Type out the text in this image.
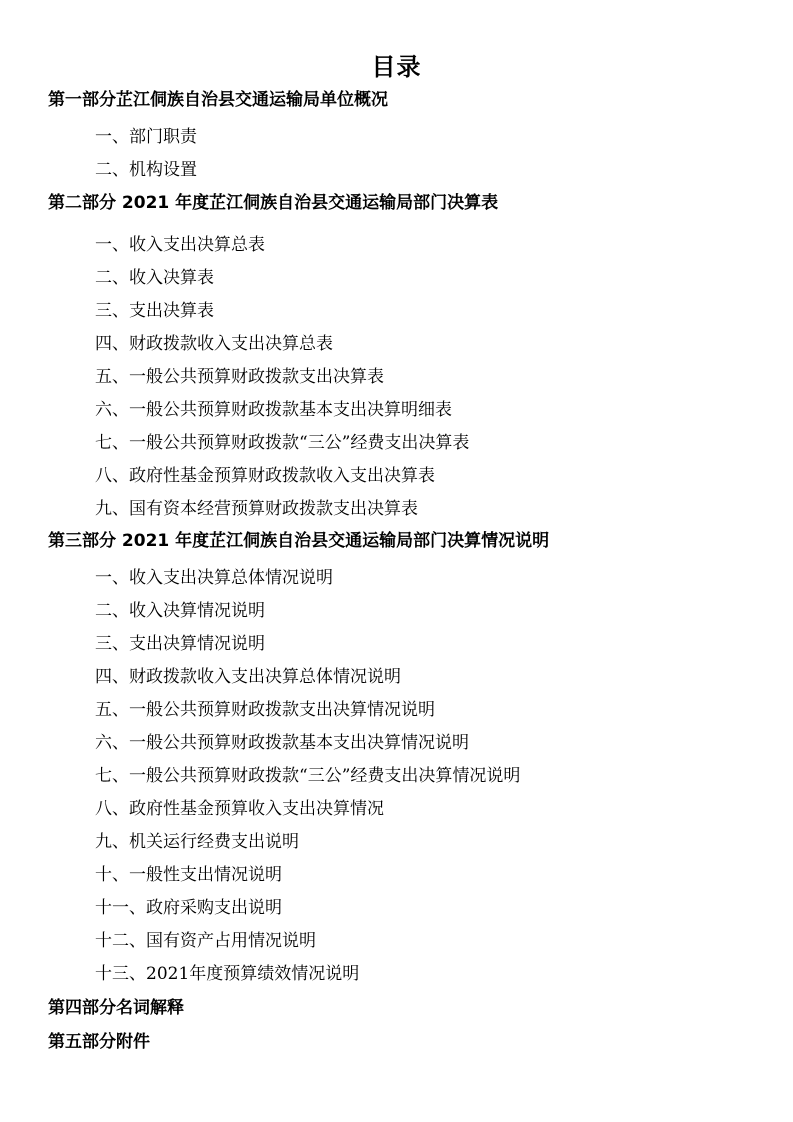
目录
第一部分芷江侗族自治县交通运输局单位概况
一、部门职责
二、机构设置
第二部分 2021 年度芷江侗族自治县交通运输局部门决算表
一、收入支出决算总表
二、收入决算表
三、支出决算表
四、财政拨款收入支出决算总表
五、一般公共预算财政拨款支出决算表
六、一般公共预算财政拨款基本支出决算明细表
七、一般公共预算财政拨款“三公”经费支出决算表
八、政府性基金预算财政拨款收入支出决算表
九、国有资本经营预算财政拨款支出决算表
第三部分 2021 年度芷江侗族自治县交通运输局部门决算情况说明
一、收入支出决算总体情况说明
二、收入决算情况说明
三、支出决算情况说明
四、财政拨款收入支出决算总体情况说明
五、一般公共预算财政拨款支出决算情况说明
六、一般公共预算财政拨款基本支出决算情况说明
七、一般公共预算财政拨款“三公”经费支出决算情况说明
八、政府性基金预算收入支出决算情况
九、机关运行经费支出说明
十、一般性支出情况说明
十一、政府采购支出说明
十二、国有资产占用情况说明
十三、2021年度预算绩效情况说明
第四部分名词解释
第五部分附件
